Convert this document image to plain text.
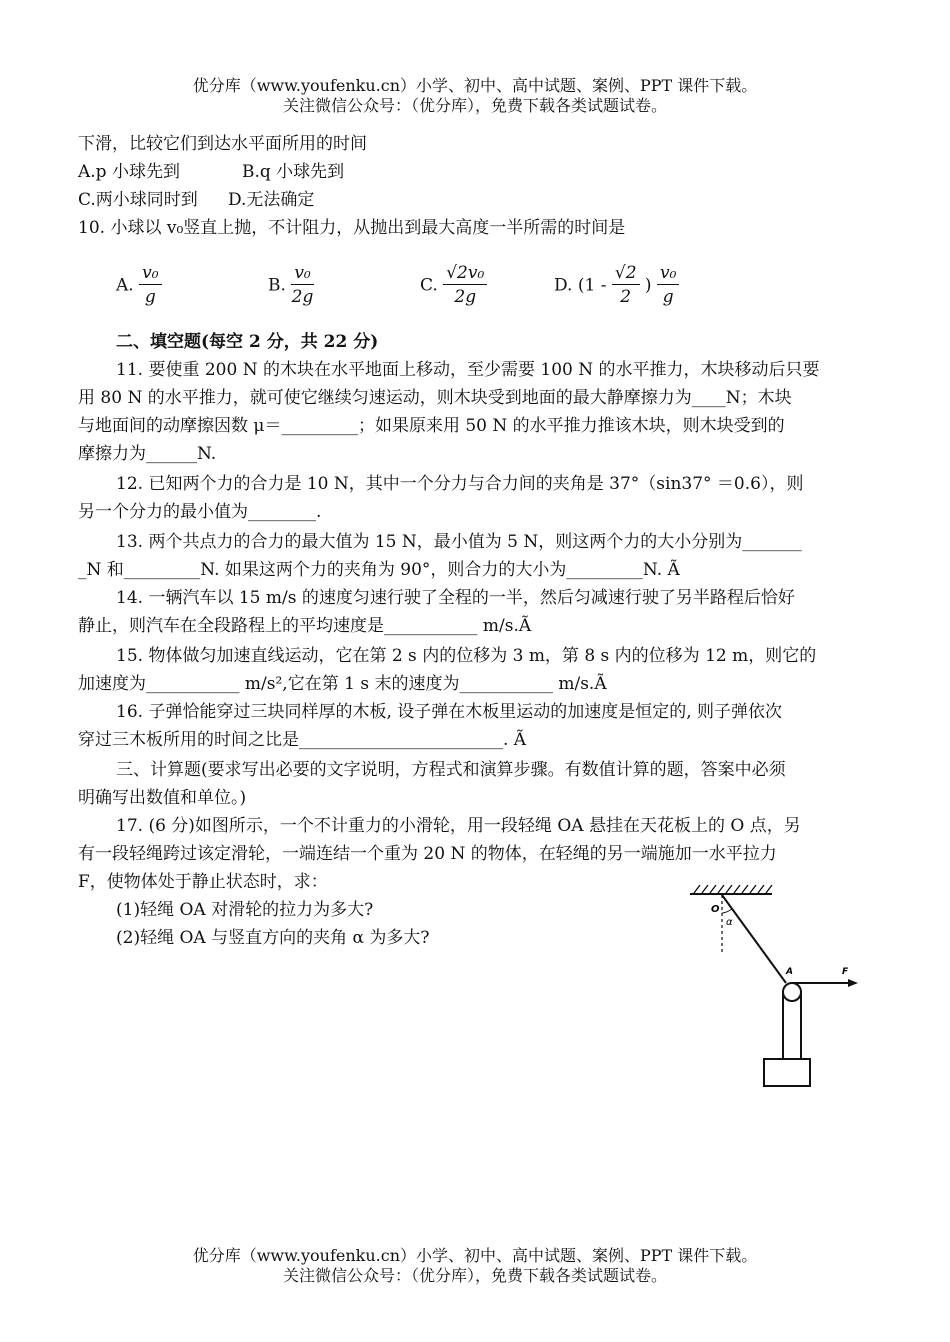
优分库（www.youfenku.cn）小学、初中、高中试题、案例、PPT 课件下载。
关注微信公众号：（优分库），免费下载各类试题试卷。
下滑，比较它们到达水平面所用的时间
A.p 小球先到	B.q 小球先到
C.两小球同时到 D.无法确定
10. 小球以 v₀竖直上抛，不计阻力，从抛出到最大高度一半所需的时间是
A. $\frac{\text{v₀}}{g}$	B. $\frac{\text{v₀}}{2g}$	C. $\frac{\text{√2v₀}}{2g}$	D. ($1 - \frac{√2}{2}$ ) $\frac{\text{v₀}}{g}$
二、填空题(每空 2 分，共 22 分)
11. 要使重 200 N 的木块在水平地面上移动，至少需要 100 N 的水平推力，木块移动后只要
用 80 N 的水平推力，就可使它继续匀速运动，则木块受到地面的最大静摩擦力为____N；木块
与地面间的动摩擦因数 μ＝_________；如果原来用 50 N 的水平推力推该木块，则木块受到的
摩擦力为______N.
12. 已知两个力的合力是 10 N，其中一个分力与合力间的夹角是 37°（sin37° ＝0.6），则
另一个分力的最小值为________.
13. 两个共点力的合力的最大值为 15 N，最小值为 5 N，则这两个力的大小分别为_______
_N 和_________N. 如果这两个力的夹角为 90°，则合力的大小为_________N. Ã
14. 一辆汽车以 15 m/s 的速度匀速行驶了全程的一半，然后匀减速行驶了另半路程后恰好
静止，则汽车在全段路程上的平均速度是___________ m/s.Ã
15. 物体做匀加速直线运动，它在第 2 s 内的位移为 3 m，第 8 s 内的位移为 12 m，则它的
加速度为___________ m/s²,它在第 1 s 末的速度为___________ m/s.Ã
16. 子弹恰能穿过三块同样厚的木板, 设子弹在木板里运动的加速度是恒定的, 则子弹依次
穿过三木板所用的时间之比是________________________. Ã
三、计算题(要求写出必要的文字说明，方程式和演算步骤。有数值计算的题，答案中必须
明确写出数值和单位。)
17. (6 分)如图所示，一个不计重力的小滑轮，用一段轻绳 OA 悬挂在天花板上的 O 点，另
有一段轻绳跨过该定滑轮，一端连结一个重为 20 N 的物体，在轻绳的另一端施加一水平拉力
F，使物体处于静止状态时，求：
(1)轻绳 OA 对滑轮的拉力为多大?
(2)轻绳 OA 与竖直方向的夹角 α 为多大?
O
α
A	F
优分库（www.youfenku.cn）小学、初中、高中试题、案例、PPT 课件下载。
关注微信公众号：（优分库），免费下载各类试题试卷。
